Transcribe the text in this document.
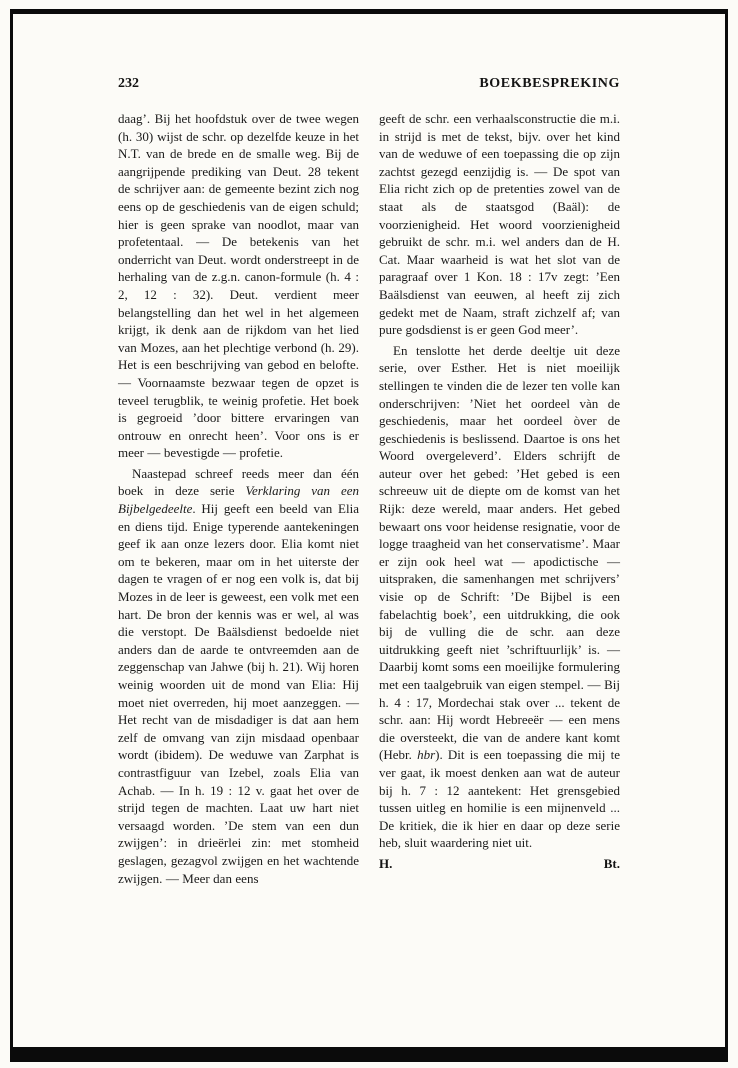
232	BOEKBESPREKING

daag’. Bij het hoofdstuk over de twee wegen (h. 30) wijst de schr. op dezelfde keuze in het N.T. van de brede en de smalle weg. Bij de aangrijpende prediking van Deut. 28 tekent de schrijver aan: de gemeente bezint zich nog eens op de geschiedenis van de eigen schuld; hier is geen sprake van noodlot, maar van profetentaal. — De betekenis van het onderricht van Deut. wordt onderstreept in de herhaling van de z.g.n. canon-formule (h. 4 : 2, 12 : 32). Deut. verdient meer belangstelling dan het wel in het algemeen krijgt, ik denk aan de rijkdom van het lied van Mozes, aan het plechtige verbond (h. 29). Het is een beschrijving van gebod en belofte. — Voornaamste bezwaar tegen de opzet is teveel terugblik, te weinig profetie. Het boek is gegroeid ’door bittere ervaringen van ontrouw en onrecht heen’. Voor ons is er meer — bevestigde — profetie.

Naastepad schreef reeds meer dan één boek in deze serie Verklaring van een Bijbelgedeelte. Hij geeft een beeld van Elia en diens tijd. Enige typerende aantekeningen geef ik aan onze lezers door. Elia komt niet om te bekeren, maar om in het uiterste der dagen te vragen of er nog een volk is, dat bij Mozes in de leer is geweest, een volk met een hart. De bron der kennis was er wel, al was die verstopt. De Baälsdienst bedoelde niet anders dan de aarde te ontvreemden aan de zeggenschap van Jahwe (bij h. 21). Wij horen weinig woorden uit de mond van Elia: Hij moet niet overreden, hij moet aanzeggen. — Het recht van de misdadiger is dat aan hem zelf de omvang van zijn misdaad openbaar wordt (ibidem). De weduwe van Zarphat is contrastfiguur van Izebel, zoals Elia van Achab. — In h. 19 : 12 v. gaat het over de strijd tegen de machten. Laat uw hart niet versaagd worden. ’De stem van een dun zwijgen’: in drieërlei zin: met stomheid geslagen, gezagvol zwijgen en het wachtende zwijgen. — Meer dan eens

geeft de schr. een verhaalsconstructie die m.i. in strijd is met de tekst, bijv. over het kind van de weduwe of een toepassing die op zijn zachtst gezegd eenzijdig is. — De spot van Elia richt zich op de pretenties zowel van de staat als de staatsgod (Baäl): de voorzienigheid. Het woord voorzienigheid gebruikt de schr. m.i. wel anders dan de H. Cat. Maar waarheid is wat het slot van de paragraaf over 1 Kon. 18 : 17v zegt: ’Een Baälsdienst van eeuwen, al heeft zij zich gedekt met de Naam, straft zichzelf af; van pure godsdienst is er geen God meer’.

En tenslotte het derde deeltje uit deze serie, over Esther. Het is niet moeilijk stellingen te vinden die de lezer ten volle kan onderschrijven: ’Niet het oordeel vàn de geschiedenis, maar het oordeel òver de geschiedenis is beslissend. Daartoe is ons het Woord overgeleverd’. Elders schrijft de auteur over het gebed: ’Het gebed is een schreeuw uit de diepte om de komst van het Rijk: deze wereld, maar anders. Het gebed bewaart ons voor heidense resignatie, voor de logge traagheid van het conservatisme’. Maar er zijn ook heel wat — apodictische — uitspraken, die samenhangen met schrijvers’ visie op de Schrift: ’De Bijbel is een fabelachtig boek’, een uitdrukking, die ook bij de vulling die de schr. aan deze uitdrukking geeft niet ’schriftuurlijk’ is. — Daarbij komt soms een moeilijke formulering met een taalgebruik van eigen stempel. — Bij h. 4 : 17, Mordechai stak over ... tekent de schr. aan: Hij wordt Hebreeër — een mens die oversteekt, die van de andere kant komt (Hebr. hbr). Dit is een toepassing die mij te ver gaat, ik moest denken aan wat de auteur bij h. 7 : 12 aantekent: Het grensgebied tussen uitleg en homilie is een mijnenveld ... De kritiek, die ik hier en daar op deze serie heb, sluit waardering niet uit.

H.	Bt.
